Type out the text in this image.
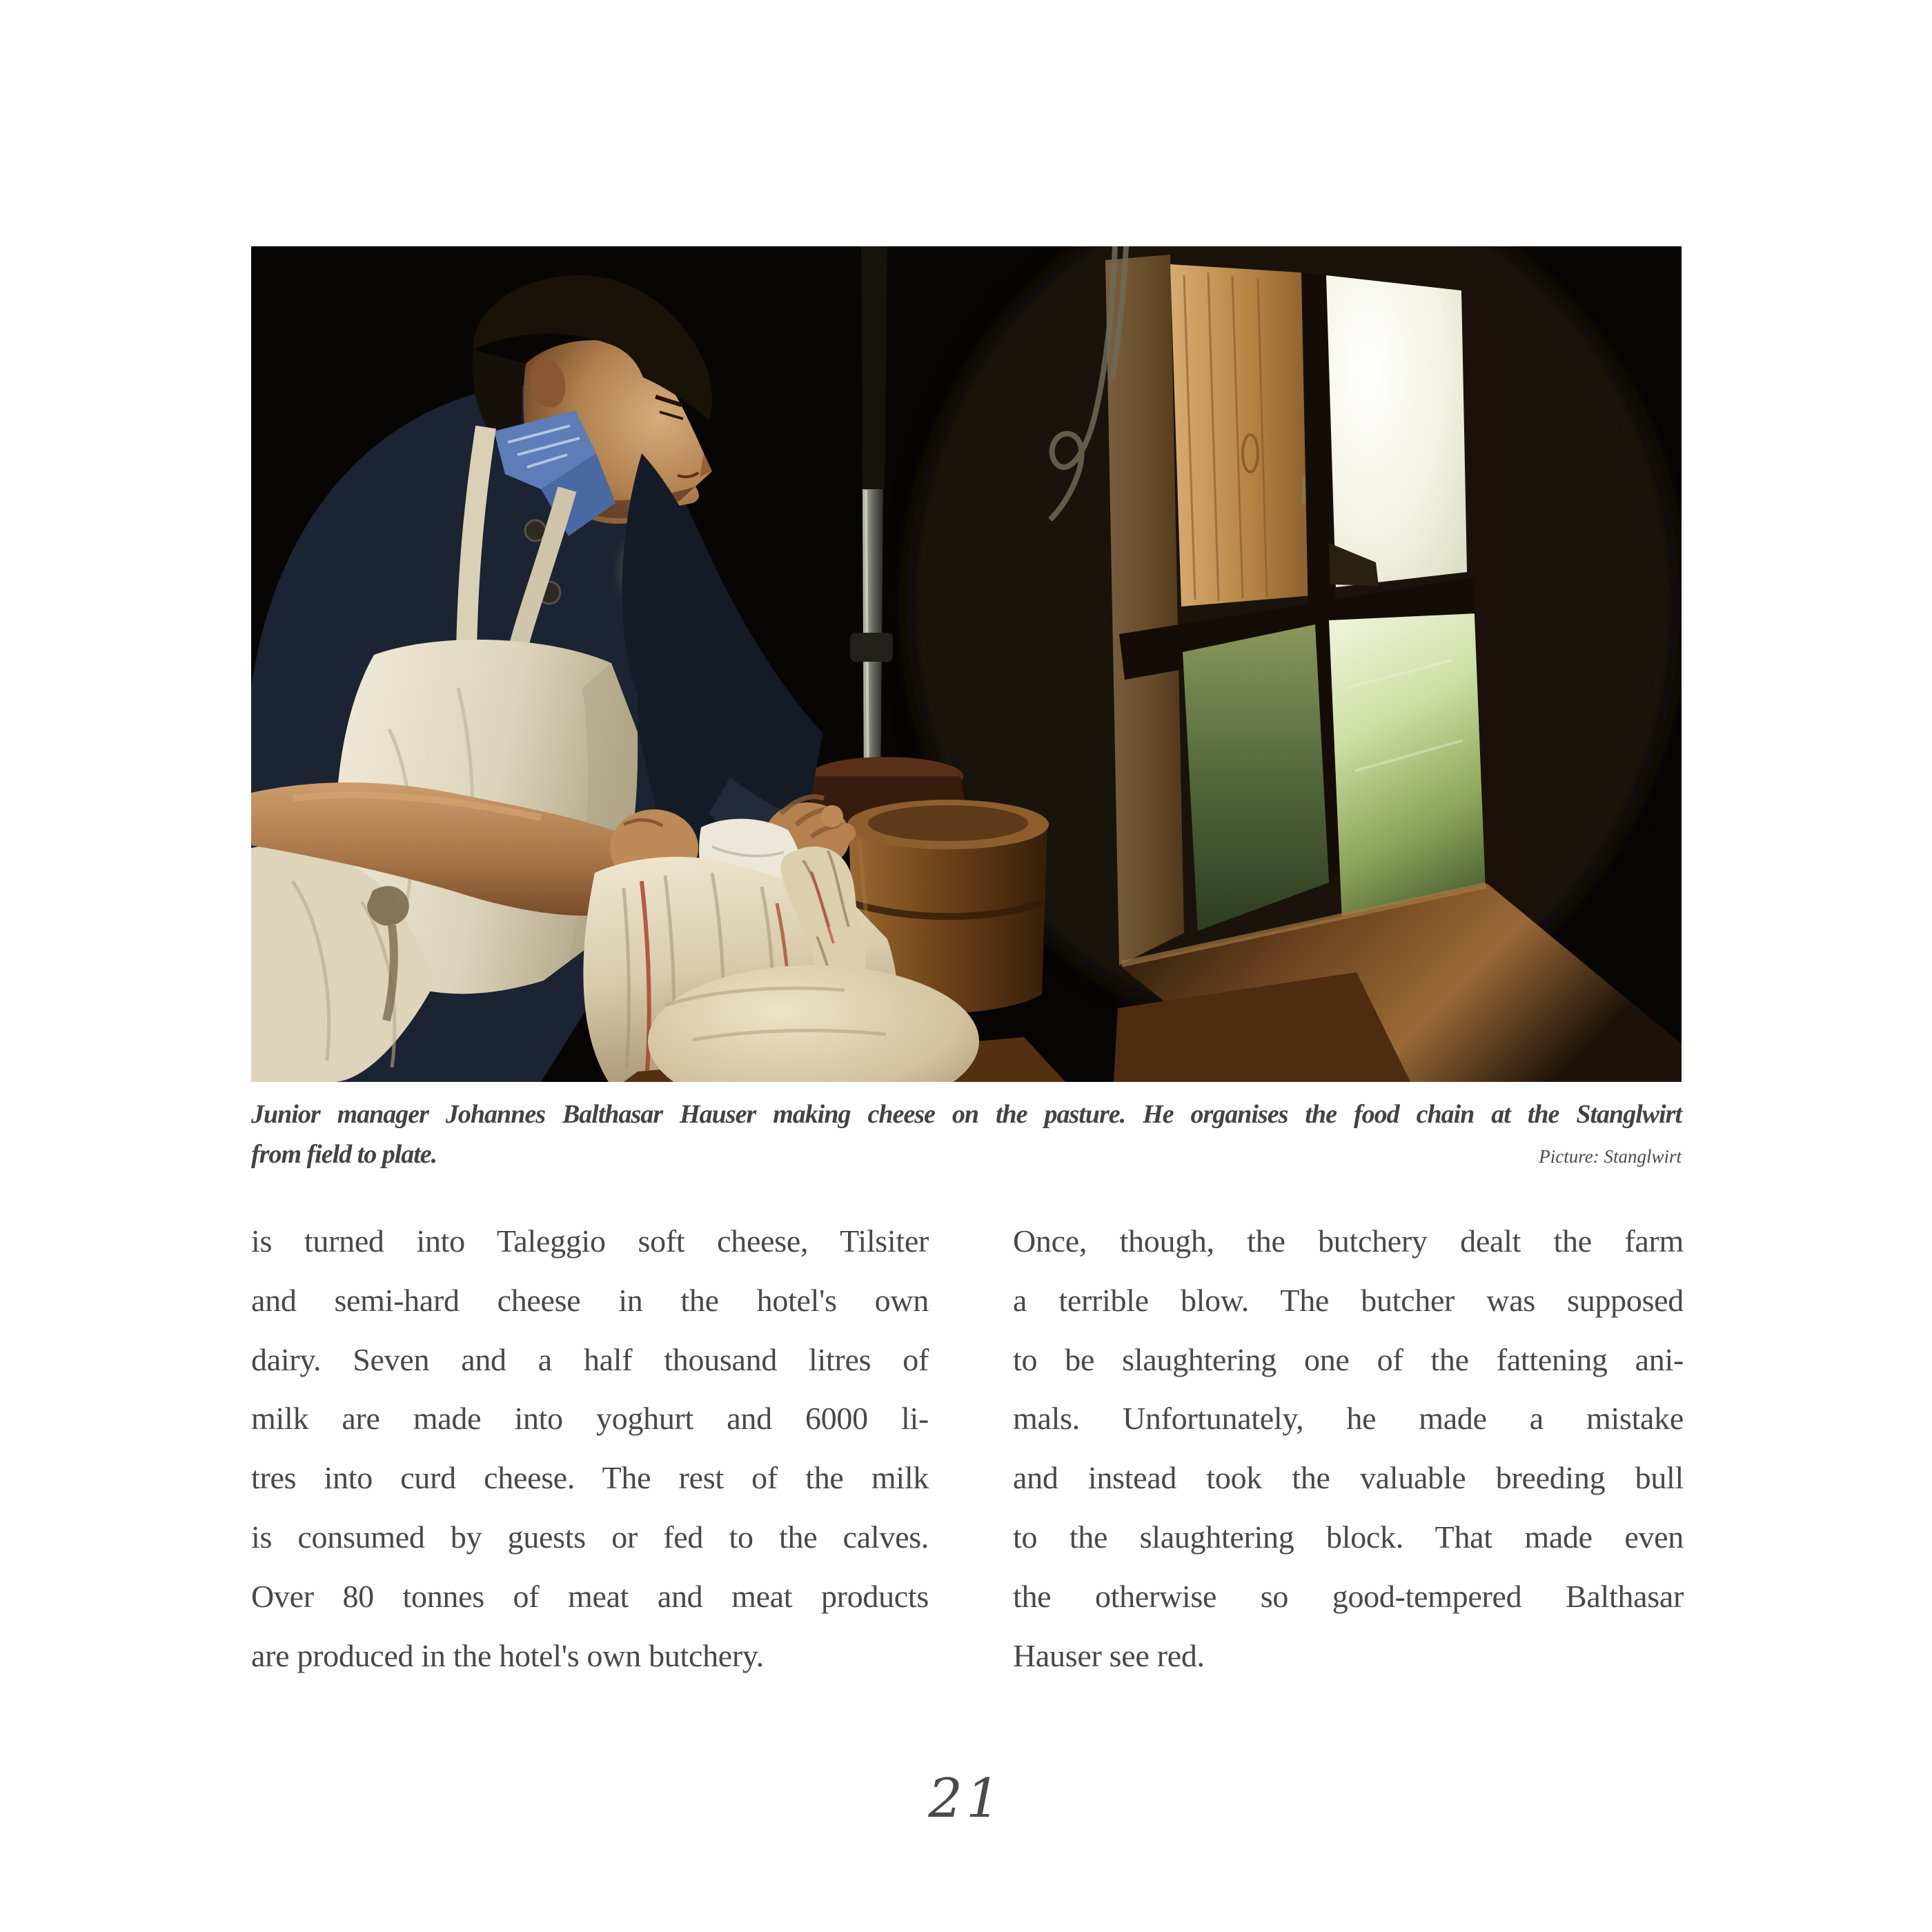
Junior manager Johannes Balthasar Hauser making cheese on the pasture. He organises the food chain at the Stanglwirt
from field to plate.	Picture: Stanglwirt
is turned into Taleggio soft cheese, Tilsiter
and semi-hard cheese in the hotel's own
dairy. Seven and a half thousand litres of
milk are made into yoghurt and 6000 li-
tres into curd cheese. The rest of the milk
is consumed by guests or fed to the calves.
Over 80 tonnes of meat and meat products
are produced in the hotel's own butchery.
Once, though, the butchery dealt the farm
a terrible blow. The butcher was supposed
to be slaughtering one of the fattening ani-
mals. Unfortunately, he made a mistake
and instead took the valuable breeding bull
to the slaughtering block. That made even
the otherwise so good-tempered Balthasar
Hauser see red.
21
